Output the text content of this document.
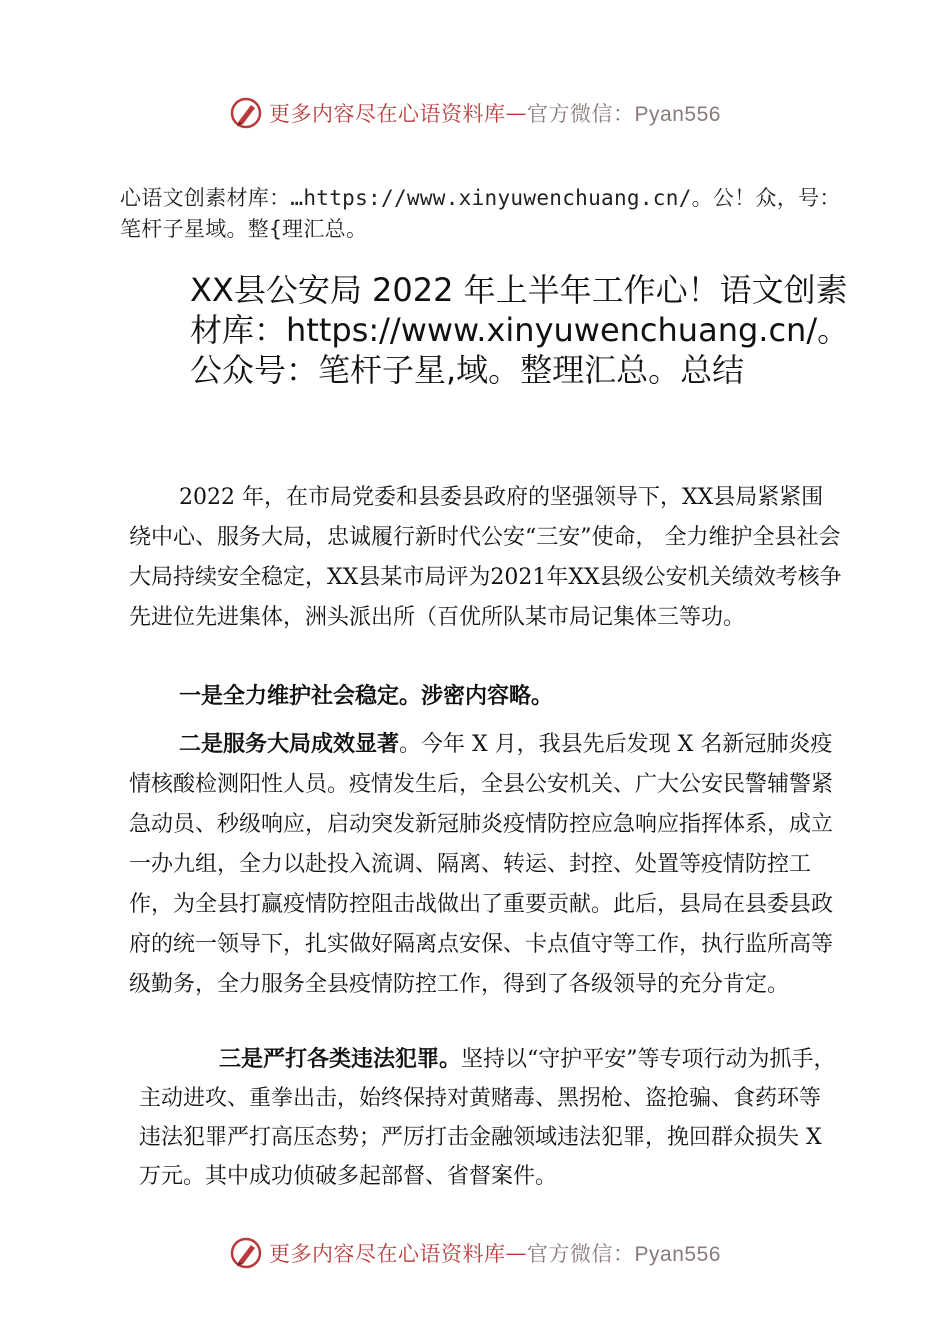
更多内容尽在心语资料库 — 官方微信：Pyan556
心语文创素材库：…https://www.xinyuwenchuang.cn/。公！众，号：笔杆子星域。整{理汇总。
XX县公安局 2022 年上半年工作心！语文创素材库：https://www.xinyuwenchuang.cn/。公众号：笔杆子星,域。整理汇总。总结

2022 年，在市局党委和县委县政府的坚强领导下，XX县局紧紧围绕中心、服务大局，忠诚履行新时代公安“三安”使命， 全力维护全县社会大局持续安全稳定，XX县某市局评为2021年XX县级公安机关绩效考核争先进位先进集体，洲头派出所（百优所队某市局记集体三等功。

一是全力维护社会稳定。涉密内容略。

二是服务大局成效显著。今年 X 月，我县先后发现 X 名新冠肺炎疫情核酸检测阳性人员。疫情发生后，全县公安机关、广大公安民警辅警紧急动员、秒级响应，启动突发新冠肺炎疫情防控应急响应指挥体系，成立一办九组，全力以赴投入流调、隔离、转运、封控、处置等疫情防控工作，为全县打赢疫情防控阻击战做出了重要贡献。此后，县局在县委县政府的统一领导下，扎实做好隔离点安保、卡点值守等工作，执行监所高等级勤务，全力服务全县疫情防控工作，得到了各级领导的充分肯定。

三是严打各类违法犯罪。坚持以“守护平安”等专项行动为抓手，主动进攻、重拳出击，始终保持对黄赌毒、黑拐枪、盗抢骗、食药环等违法犯罪严打高压态势；严厉打击金融领域违法犯罪，挽回群众损失 X 万元。其中成功侦破多起部督、省督案件。

更多内容尽在心语资料库 — 官方微信：Pyan556
